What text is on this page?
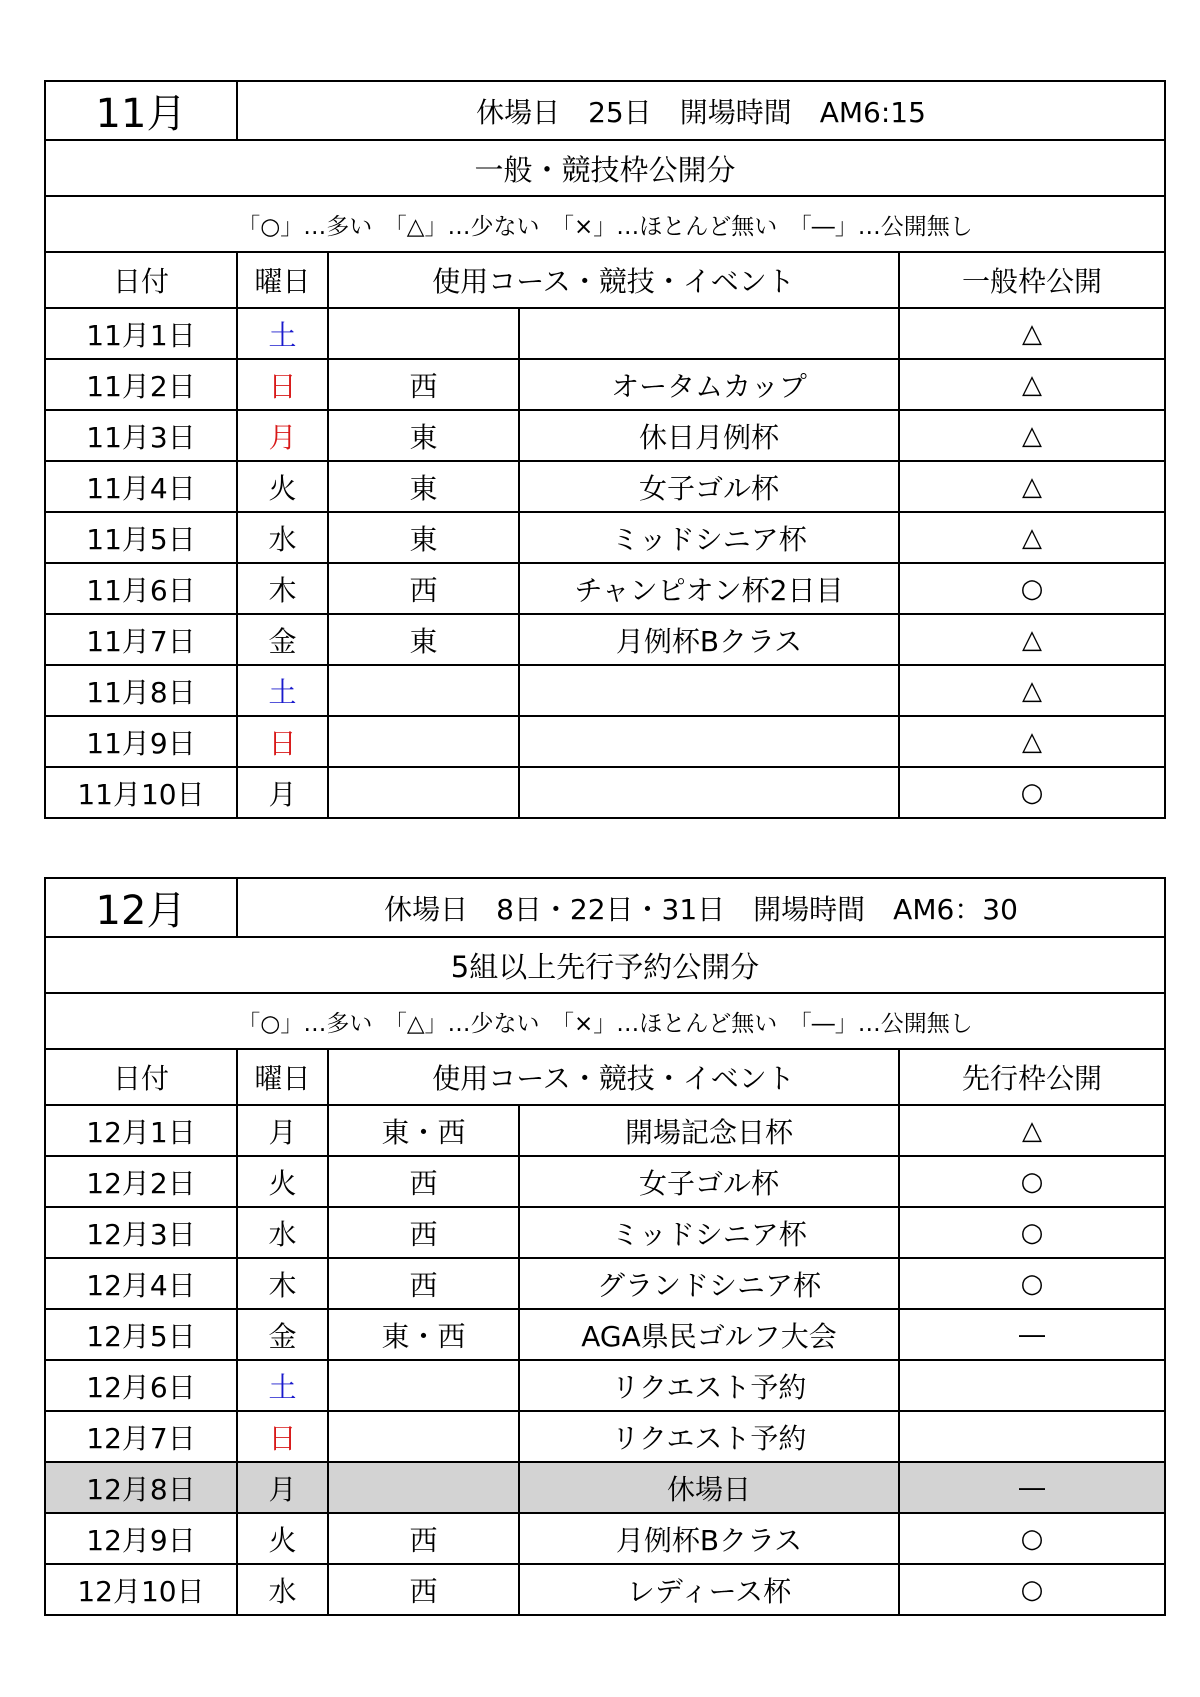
11月	休場日　25日　開場時間　AM6:15			
一般・競技枠公開分				
「○」…多い　「△」…少ない　「×」…ほとんど無い　「―」…公開無し				
日付	曜日	使用コース・競技・イベント		一般枠公開
11月1日	土			△
11月2日	日	西	オータムカップ	△
11月3日	月	東	休日月例杯	△
11月4日	火	東	女子ゴル杯	△
11月5日	水	東	ミッドシニア杯	△
11月6日	木	西	チャンピオン杯2日目	○
11月7日	金	東	月例杯Bクラス	△
11月8日	土			△
11月9日	日			△
11月10日	月			○
12月	休場日　8日・22日・31日　開場時間　AM6：30			
5組以上先行予約公開分				
「○」…多い　「△」…少ない　「×」…ほとんど無い　「―」…公開無し				
日付	曜日	使用コース・競技・イベント		先行枠公開
12月1日	月	東・西	開場記念日杯	△
12月2日	火	西	女子ゴル杯	○
12月3日	水	西	ミッドシニア杯	○
12月4日	木	西	グランドシニア杯	○
12月5日	金	東・西	AGA県民ゴルフ大会	―
12月6日	土		リクエスト予約	
12月7日	日		リクエスト予約	
12月8日	月		休場日	―
12月9日	火	西	月例杯Bクラス	○
12月10日	水	西	レディース杯	○
